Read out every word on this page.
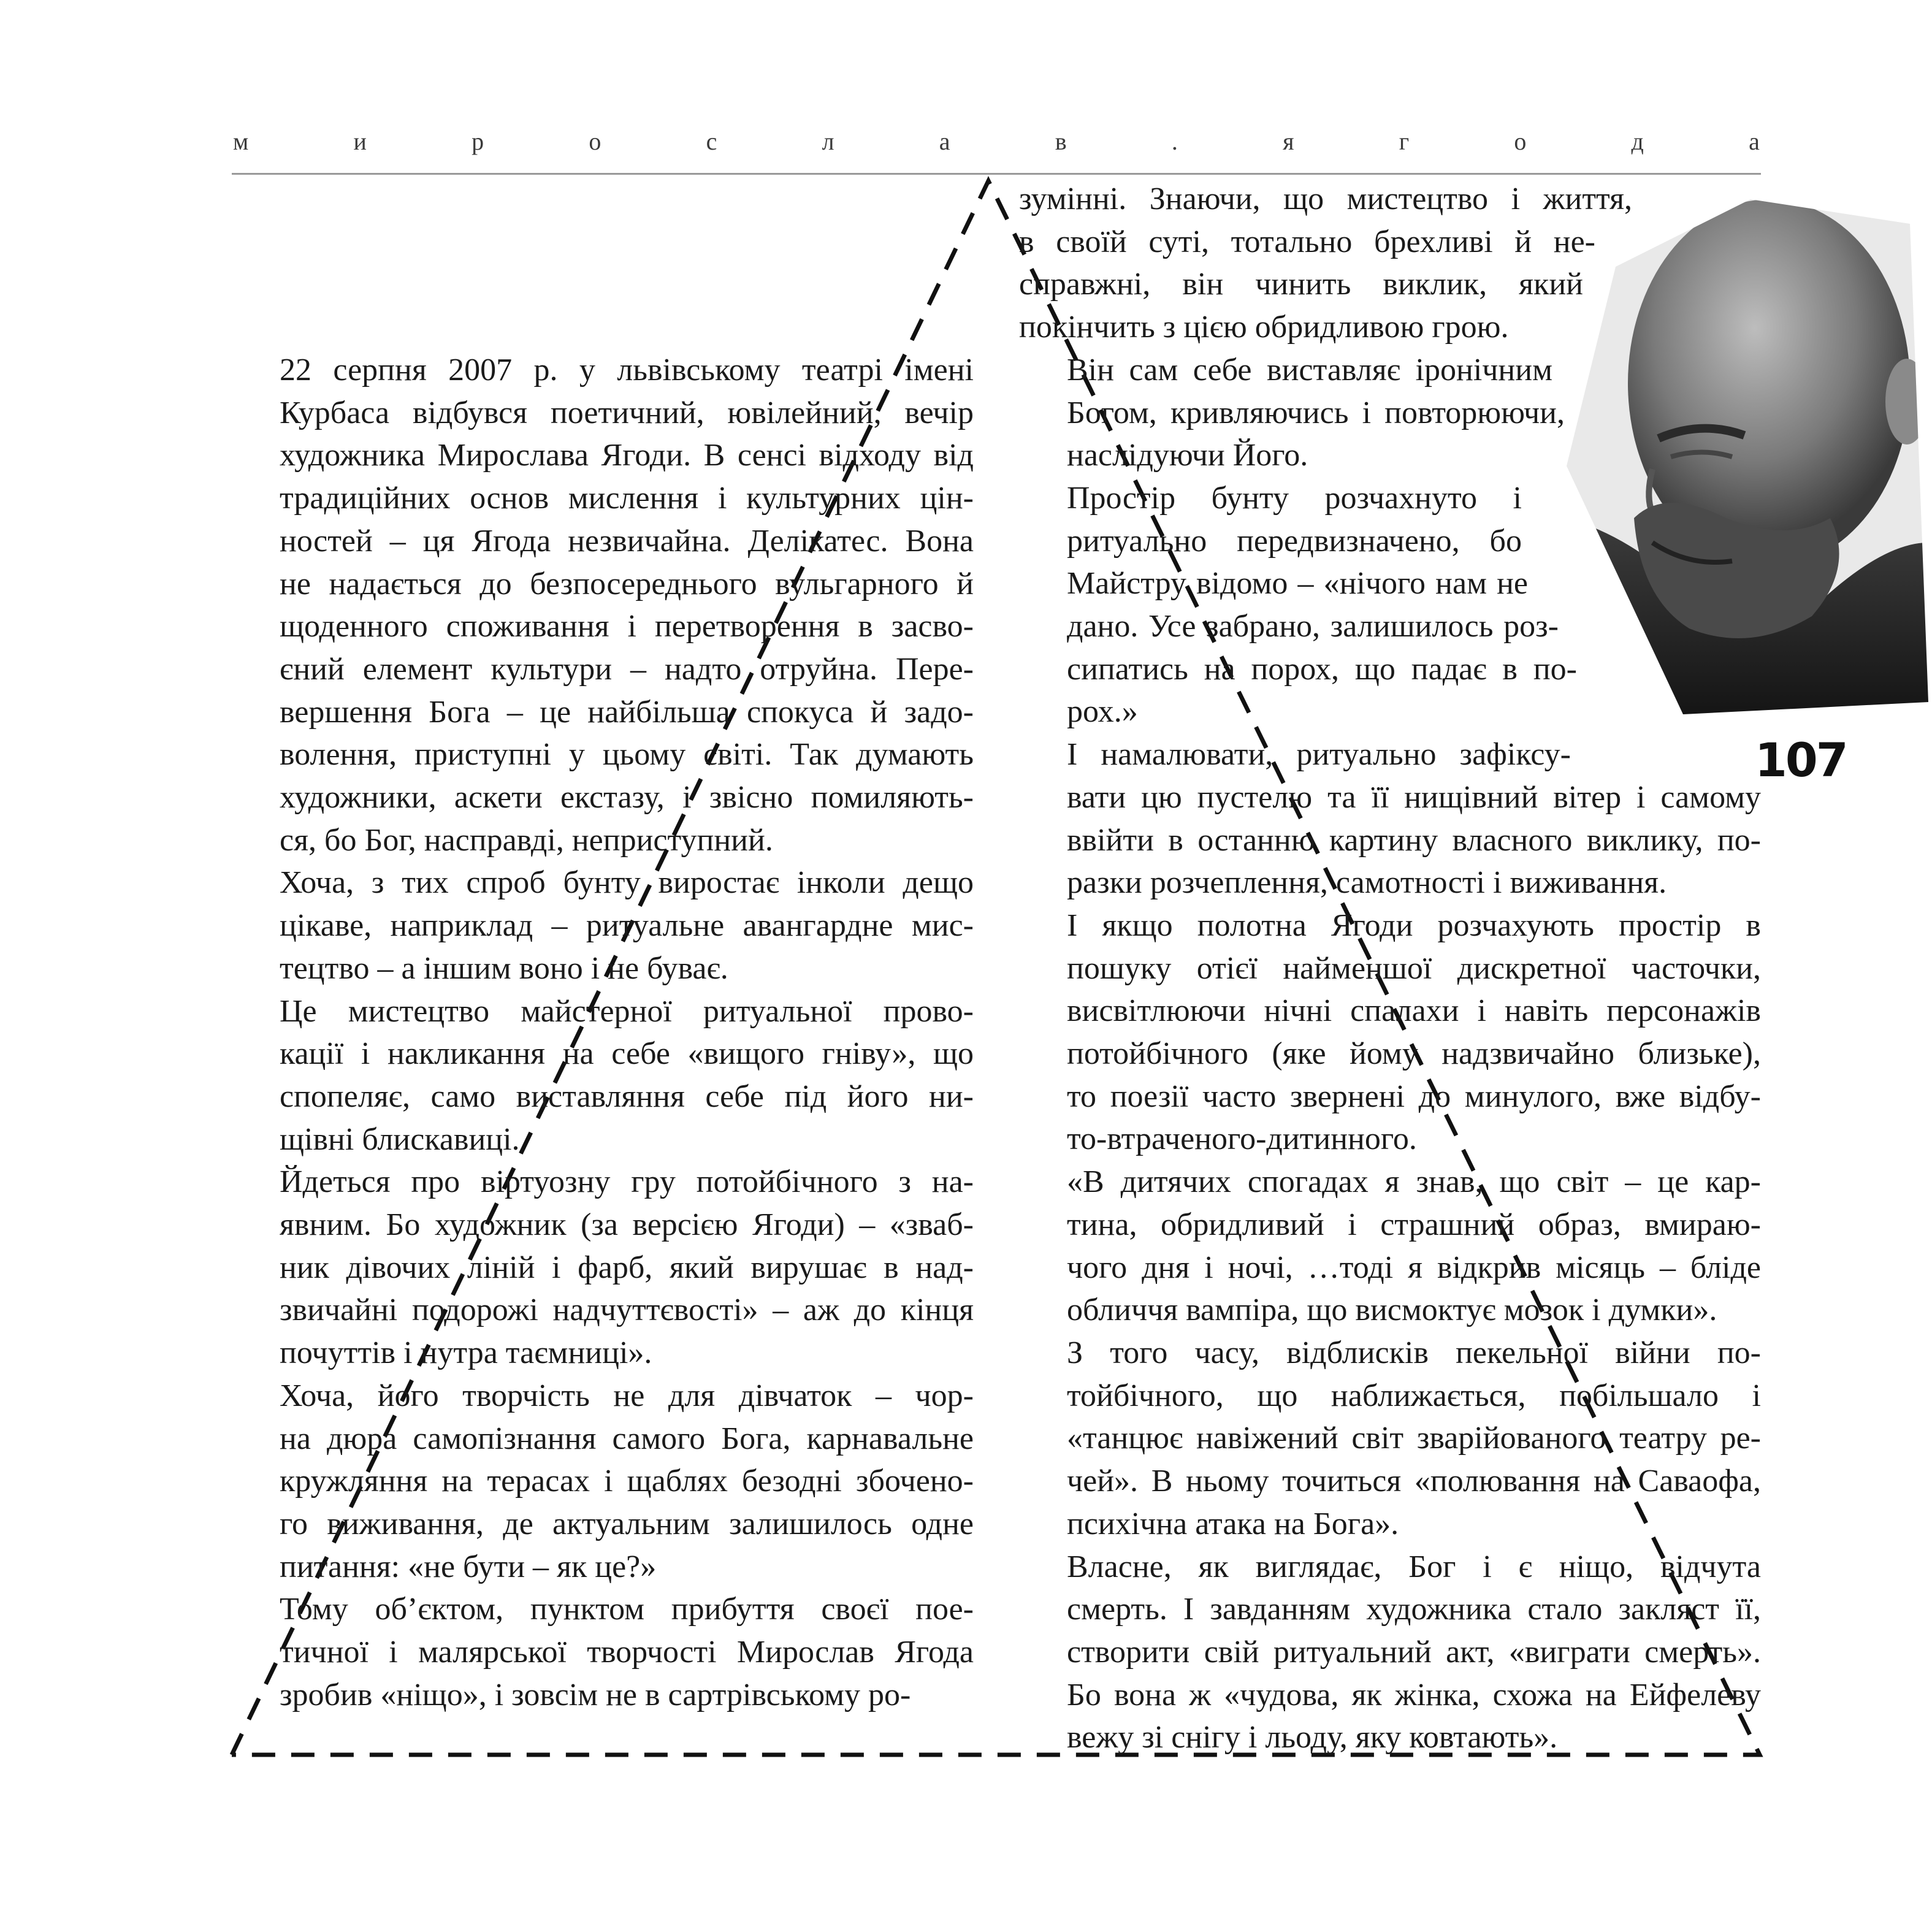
м	и	р	о	с	л	а	в	.	я	г	о	д	а

22 серпня 2007 р. у львівському театрі імені
Курбаса відбувся поетичний, ювілейний, вечір
художника Мирослава Ягоди. В сенсі відходу від
традиційних основ мислення і культурних цін-
ностей – ця Ягода незвичайна. Делікатес. Вона
не надається до безпосереднього вульгарного й
щоденного споживання і перетворення в засво-
єний елемент культури – надто отруйна. Пере-
вершення Бога – це найбільша спокуса й задо-
волення, приступні у цьому світі. Так думають
художники, аскети екстазу, і звісно помиляють-
ся, бо Бог, насправді, неприступний.

Хоча, з тих спроб бунту виростає інколи дещо
цікаве, наприклад – ритуальне авангардне мис-
тецтво – а іншим воно і не буває.

Це мистецтво майстерної ритуальної прово-
кації і накликання на себе «вищого гніву», що
спопеляє, само виставляння себе під його ни-
щівні блискавиці.

Йдеться про віртуозну гру потойбічного з на-
явним. Бо художник (за версією Ягоди) – «зваб-
ник дівочих ліній і фарб, який вирушає в над-
звичайні подорожі надчуттєвості» – аж до кінця
почуттів і нутра таємниці».

Хоча, його творчість не для дівчаток – чор-
на дюра самопізнання самого Бога, карнавальне
кружляння на терасах і щаблях безодні збочено-
го виживання, де актуальним залишилось одне
питання: «не бути – як це?»

Тому об’єктом, пунктом прибуття своєї пое-
тичної і малярської творчості Мирослав Ягода
зробив «ніщо», і зовсім не в сартрівському ро-

зумінні. Знаючи, що мистецтво і життя,
в своїй суті, тотально брехливі й не-
справжні, він чинить виклик, який
покінчить з цією обридливою грою.

Він сам себе виставляє іронічним
Богом, кривляючись і повторюючи,
наслідуючи Його.

Простір бунту розчахнуто і
ритуально передвизначено, бо
Майстру відомо – «нічого нам не
дано. Усе забрано, залишилось роз-
сипатись на порох, що падає в по-
рох.»

І намалювати, ритуально зафіксу-
вати цю пустелю та її нищівний вітер і самому
ввійти в останню картину власного виклику, по-
разки розчеплення, самотності і виживання.

І якщо полотна Ягоди розчахують простір в
пошуку отієї найменшої дискретної часточки,
висвітлюючи нічні спалахи і навіть персонажів
потойбічного (яке йому надзвичайно близьке),
то поезії часто звернені до минулого, вже відбу-
то-втраченого-дитинного.

«В дитячих спогадах я знав, що світ – це кар-
тина, обридливий і страшний образ, вмираю-
чого дня і ночі, …тоді я відкрив місяць – бліде
обличчя вампіра, що висмоктує мозок і думки».

З того часу, відблисків пекельної війни по-
тойбічного, що наближається, побільшало і
«танцює навіжений світ зварійованого театру ре-
чей». В ньому точиться «полювання на Саваофа,
психічна атака на Бога».

Власне, як виглядає, Бог і є ніщо, відчута
смерть. І завданням художника стало закляст її,
створити свій ритуальний акт, «виграти смерть».
Бо вона ж «чудова, як жінка, схожа на Ейфелеву
вежу зі снігу і льоду, яку ковтають».

107
